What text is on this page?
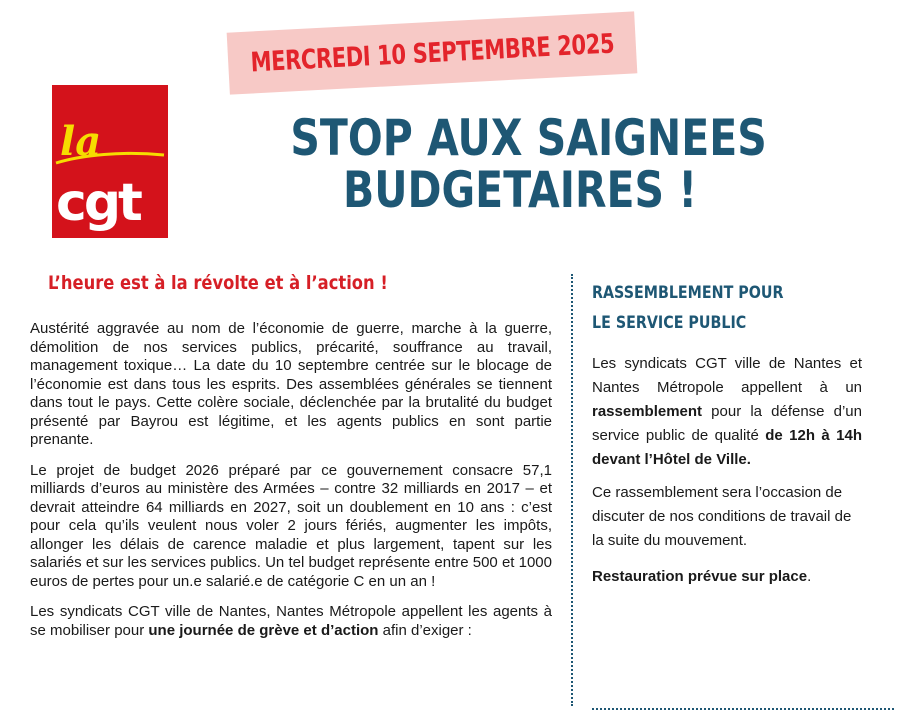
MERCREDI 10 SEPTEMBRE 2025
la
cgt
STOP AUX SAIGNEES
BUDGETAIRES !
L’heure est à la révolte et à l’action !

Austérité aggravée au nom de l’économie de guerre, marche à la guerre, démolition de nos services publics, précarité, souffrance au travail, management toxique… La date du 10 septembre centrée sur le blocage de l’économie est dans tous les esprits. Des assemblées générales se tiennent dans tout le pays. Cette colère sociale, déclenchée par la brutalité du budget présenté par Bayrou est légitime, et les agents publics en sont partie prenante.

Le projet de budget 2026 préparé par ce gouvernement consacre 57,1 milliards d’euros au ministère des Armées – contre 32 milliards en 2017 – et devrait atteindre 64 milliards en 2027, soit un doublement en 10 ans : c’est pour cela qu’ils veulent nous voler 2 jours fériés, augmenter les impôts, allonger les délais de carence maladie et plus largement, tapent sur les salariés et sur les services publics. Un tel budget représente entre 500 et 1000 euros de pertes pour un.e salarié.e de catégorie C en un an !

Les syndicats CGT ville de Nantes, Nantes Métropole appellent les agents à se mobiliser pour une journée de grève et d’action afin d’exiger :

RASSEMBLEMENT POUR
LE SERVICE PUBLIC

Les syndicats CGT ville de Nantes et Nantes Métropole appellent à un rassemblement pour la défense d’un service public de qualité de 12h à 14h devant l’Hôtel de Ville.

Ce rassemblement sera l’occasion de discuter de nos conditions de travail de la suite du mouvement.

Restauration prévue sur place.
